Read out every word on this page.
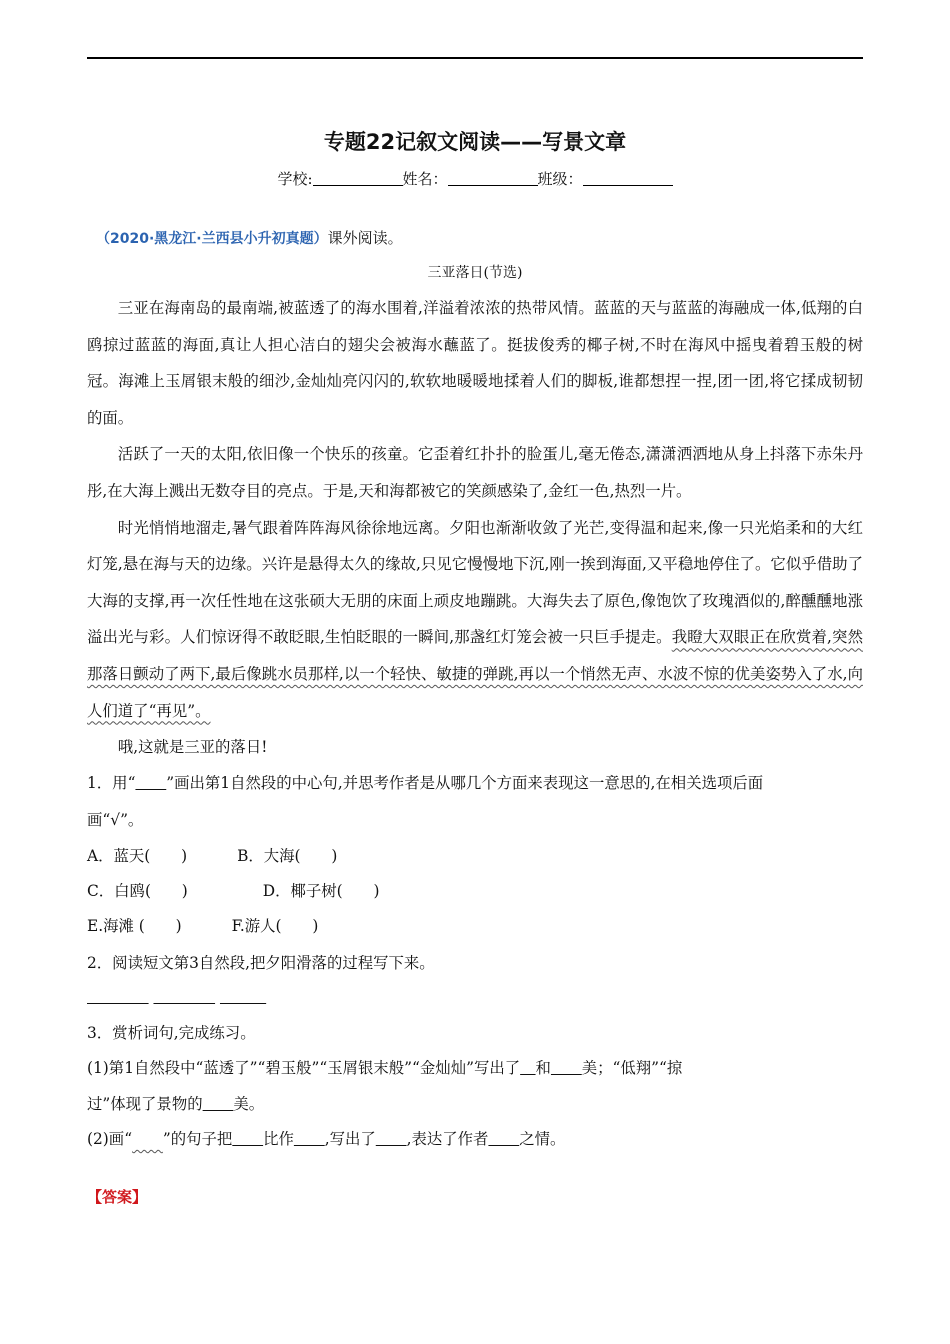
专题22记叙文阅读——写景文章
学校:	姓名：	班级：
（2020·黑龙江·兰西县小升初真题）课外阅读。
三亚落日(节选)

三亚在海南岛的最南端,被蓝透了的海水围着,洋溢着浓浓的热带风情。蓝蓝的天与蓝蓝的海融成一体,低翔的白鸥掠过蓝蓝的海面,真让人担心洁白的翅尖会被海水蘸蓝了。挺拔俊秀的椰子树,不时在海风中摇曳着碧玉般的树冠。海滩上玉屑银末般的细沙,金灿灿亮闪闪的,软软地暖暖地揉着人们的脚板,谁都想捏一捏,团一团,将它揉成韧韧的面。

活跃了一天的太阳,依旧像一个快乐的孩童。它歪着红扑扑的脸蛋儿,毫无倦态,潇潇洒洒地从身上抖落下赤朱丹彤,在大海上溅出无数夺目的亮点。于是,天和海都被它的笑颜感染了,金红一色,热烈一片。

时光悄悄地溜走,暑气跟着阵阵海风徐徐地远离。夕阳也渐渐收敛了光芒,变得温和起来,像一只光焰柔和的大红灯笼,悬在海与天的边缘。兴许是悬得太久的缘故,只见它慢慢地下沉,刚一挨到海面,又平稳地停住了。它似乎借助了大海的支撑,再一次任性地在这张硕大无朋的床面上顽皮地蹦跳。大海失去了原色,像饱饮了玫瑰酒似的,醉醺醺地涨溢出光与彩。人们惊讶得不敢眨眼,生怕眨眼的一瞬间,那盏红灯笼会被一只巨手提走。我瞪大双眼正在欣赏着,突然那落日颤动了两下,最后像跳水员那样,以一个轻快、敏捷的弹跳,再以一个悄然无声、水波不惊的优美姿势入了水,向人们道了“再见”。

哦,这就是三亚的落日!

1．用“　　 ”画出第1自然段的中心句,并思考作者是从哪几个方面来表现这一意思的,在相关选项后面
画“√”。
A．蓝天(　　)	B．大海(　　)
C．白鸥(　　)	D．椰子树(　　)
E.海滩 (　　)	F.游人(　　)
2．阅读短文第3自然段,把夕阳滑落的过程写下来。

3．赏析词句,完成练习。
(1)第1自然段中“蓝透了”“碧玉般”“玉屑银末般”“金灿灿”写出了　 和　　 美；“低翔”“掠
过”体现了景物的　　 美。
(2)画“　　 ”的句子把　　 比作　　 ,写出了　　 ,表达了作者　　 之情。
【答案】
